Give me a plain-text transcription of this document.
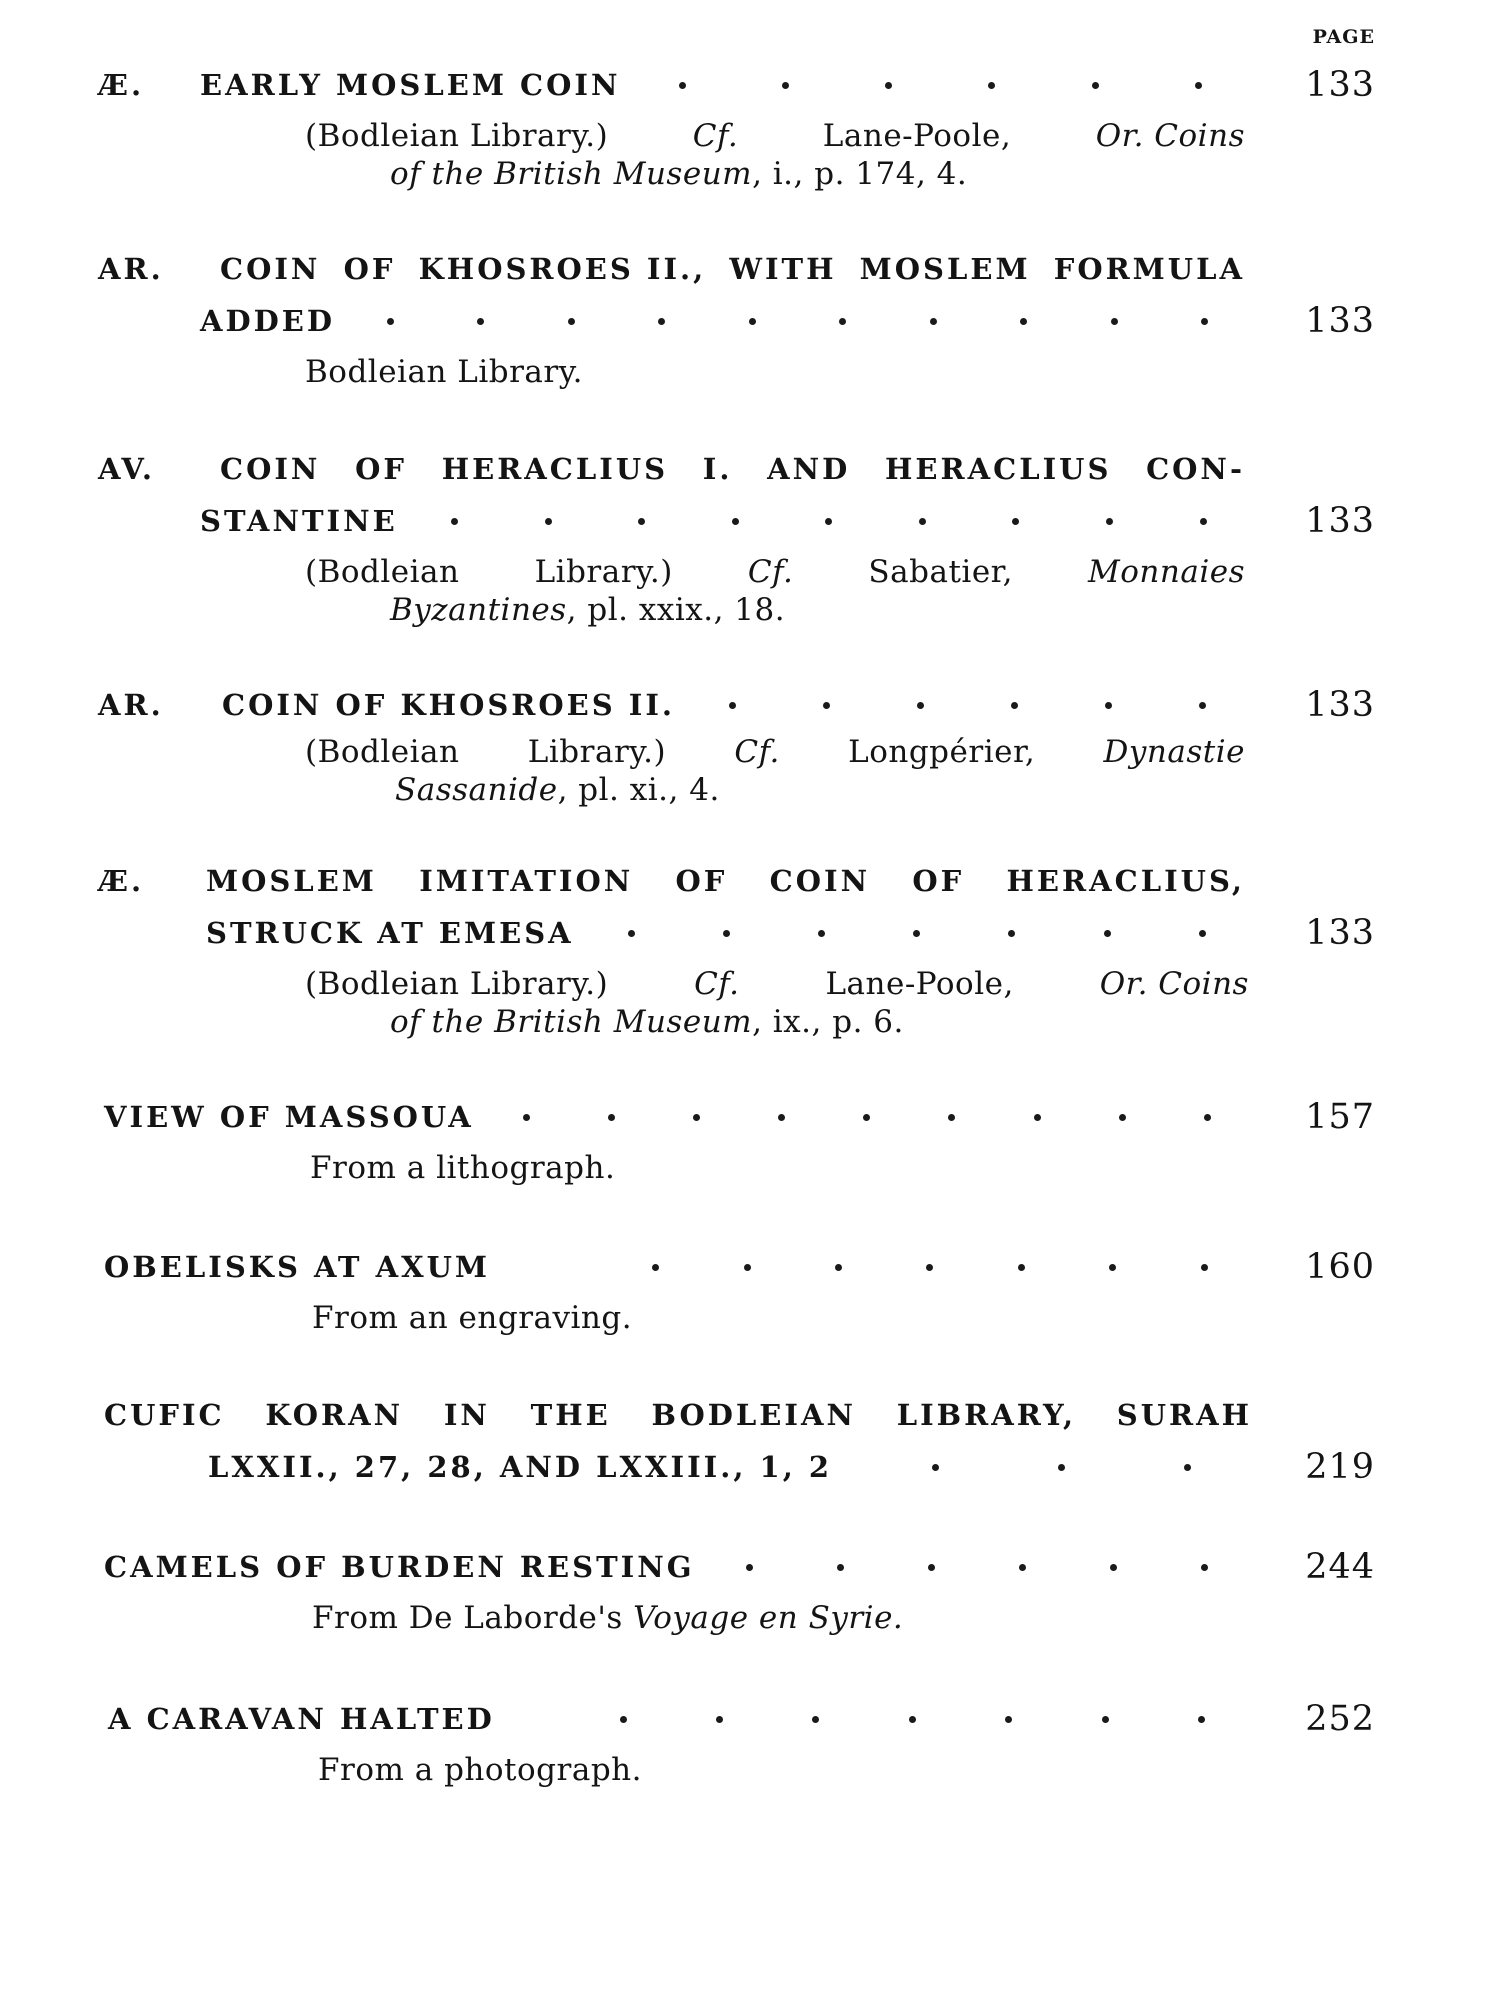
PAGE
Æ. EARLY MOSLEM COIN	133
(Bodleian Library.)	Cf.	Lane-Poole,	Or. Coins
of the British Museum, i., p. 174, 4.
AR. COIN OF KHOSROES II., WITH MOSLEM FORMULA
ADDED	133
Bodleian Library.
AV. COIN OF HERACLIUS I. AND HERACLIUS CON-
STANTINE	133
(Bodleian Library.) Cf. Sabatier, Monnaies
Byzantines, pl. xxix., 18.
AR. COIN OF KHOSROES II.	133
(Bodleian Library.) Cf. Longpérier, Dynastie
Sassanide, pl. xi., 4.
Æ. MOSLEM IMITATION OF COIN OF HERACLIUS,
STRUCK AT EMESA	133
(Bodleian Library.)	Cf.	Lane-Poole,	Or. Coins
of the British Museum, ix., p. 6.
VIEW OF MASSOUA	157
From a lithograph.
OBELISKS AT AXUM	160
From an engraving.
CUFIC KORAN IN THE BODLEIAN LIBRARY, SURAH
LXXII., 27, 28, AND LXXIII., 1, 2	219
CAMELS OF BURDEN RESTING	244
From De Laborde's Voyage en Syrie.
A CARAVAN HALTED	252
From a photograph.
